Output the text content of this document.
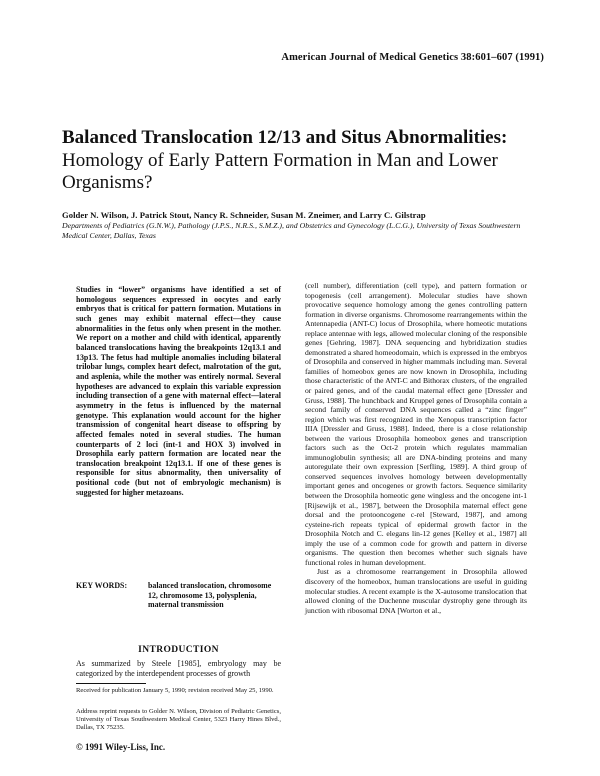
American Journal of Medical Genetics 38:601–607 (1991)
Balanced Translocation 12/13 and Situs Abnormalities: Homology of Early Pattern Formation in Man and Lower Organisms?
Golder N. Wilson, J. Patrick Stout, Nancy R. Schneider, Susan M. Zneimer, and Larry C. Gilstrap
Departments of Pediatrics (G.N.W.), Pathology (J.P.S., N.R.S., S.M.Z.), and Obstetrics and Gynecology (L.C.G.), University of Texas Southwestern Medical Center, Dallas, Texas
Studies in “lower” organisms have identified a set of homologous sequences expressed in oocytes and early embryos that is critical for pattern formation. Mutations in such genes may exhibit maternal effect—they cause abnormalities in the fetus only when present in the mother. We report on a mother and child with identical, apparently balanced translocations having the breakpoints 12q13.1 and 13p13. The fetus had multiple anomalies including bilateral trilobar lungs, complex heart defect, malrotation of the gut, and asplenia, while the mother was entirely normal. Several hypotheses are advanced to explain this variable expression including transection of a gene with maternal effect—lateral asymmetry in the fetus is influenced by the maternal genotype. This explanation would account for the higher transmission of congenital heart disease to offspring by affected females noted in several studies. The human counterparts of 2 loci (int-1 and HOX 3) involved in Drosophila early pattern formation are located near the translocation breakpoint 12q13.1. If one of these genes is responsible for situs abnormality, then universality of positional code (but not of embryologic mechanism) is suggested for higher metazoans.
KEY WORDS:	balanced translocation, chromosome 12, chromosome 13, polysplenia, maternal transmission
INTRODUCTION
As summarized by Steele [1985], embryology may be categorized by the interdependent processes of growth
Received for publication January 5, 1990; revision received May 25, 1990.
Address reprint requests to Golder N. Wilson, Division of Pediatric Genetics, University of Texas Southwestern Medical Center, 5323 Harry Hines Blvd., Dallas, TX 75235.
© 1991 Wiley-Liss, Inc.

(cell number), differentiation (cell type), and pattern formation or topogenesis (cell arrangement). Molecular studies have shown provocative sequence homology among the genes controlling pattern formation in diverse organisms. Chromosome rearrangements within the Antennapedia (ANT-C) locus of Drosophila, where homeotic mutations replace antennae with legs, allowed molecular cloning of the responsible genes [Gehring, 1987]. DNA sequencing and hybridization studies demonstrated a shared homeodomain, which is expressed in the embryos of Drosophila and conserved in higher mammals including man. Several families of homeobox genes are now known in Drosophila, including those characteristic of the ANT-C and Bithorax clusters, of the engrailed or paired genes, and of the caudal maternal effect gene [Dressler and Gruss, 1988]. The hunchback and Kruppel genes of Drosophila contain a second family of conserved DNA sequences called a “zinc finger” region which was first recognized in the Xenopus transcription factor IIIA [Dressler and Gruss, 1988]. Indeed, there is a close relationship between the various Drosophila homeobox genes and transcription factors such as the Oct-2 protein which regulates mammalian immunoglobulin synthesis; all are DNA-binding proteins and many autoregulate their own expression [Serfling, 1989]. A third group of conserved sequences involves homology between developmentally important genes and oncogenes or growth factors. Sequence similarity between the Drosophila homeotic gene wingless and the oncogene int-1 [Rijsewijk et al., 1987], between the Drosophila maternal effect gene dorsal and the protooncogene c-rel [Steward, 1987], and among cysteine-rich repeats typical of epidermal growth factor in the Drosophila Notch and C. elegans lin-12 genes [Kelley et al., 1987] all imply the use of a common code for growth and pattern in diverse organisms. The question then becomes whether such signals have functional roles in human development.

Just as a chromosome rearrangement in Drosophila allowed discovery of the homeobox, human translocations are useful in guiding molecular studies. A recent example is the X-autosome translocation that allowed cloning of the Duchenne muscular dystrophy gene through its junction with ribosomal DNA [Worton et al.,
